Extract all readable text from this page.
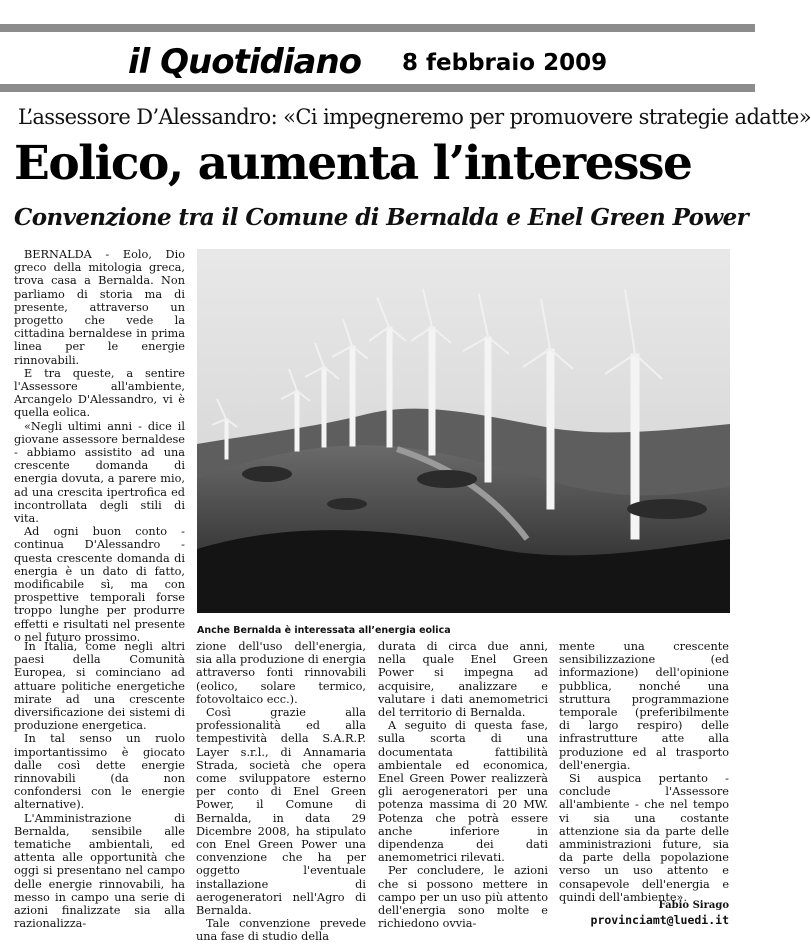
il Quotidiano 8 febbraio 2009
L’assessore D’Alessandro: «Ci impegneremo per promuovere strategie adatte»
Eolico, aumenta l’interesse
Convenzione tra il Comune di Bernalda e Enel Green Power

BERNALDA - Eolo, Dio greco della mitologia greca, trova casa a Bernalda. Non parliamo di storia ma di presente, attraverso un progetto che vede la cittadina bernaldese in prima linea per le energie rinnovabili.

E tra queste, a sentire l'Assessore all'ambiente, Arcangelo D'Alessandro, vi è quella eolica.

«Negli ultimi anni - dice il giovane assessore bernaldese - abbiamo assistito ad una crescente domanda di energia dovuta, a parere mio, ad una crescita ipertrofica ed incontrollata degli stili di vita.

Ad ogni buon conto - continua D'Alessandro - questa crescente domanda di energia è un dato di fatto, modificabile sì, ma con prospettive temporali forse troppo lunghe per produrre effetti e risultati nel presente o nel futuro prossimo.

Anche Bernalda è interessata all’energia eolica

In Italia, come negli altri paesi della Comunità Europea, si cominciano ad attuare politiche energetiche mirate ad una crescente diversificazione dei sistemi di produzione energetica.

In tal senso un ruolo importantissimo è giocato dalle così dette energie rinnovabili (da non confondersi con le energie alternative).

L'Amministrazione di Bernalda, sensibile alle tematiche ambientali, ed attenta alle opportunità che oggi si presentano nel campo delle energie rinnovabili, ha messo in campo una serie di azioni finalizzate sia alla razionalizza-

zione dell'uso dell'energia, sia alla produzione di energia attraverso fonti rinnovabili (eolico, solare termico, fotovoltaico ecc.).

Così grazie alla professionalità ed alla tempestività della S.A.R.P. Layer s.r.l., di Annamaria Strada, società che opera come sviluppatore esterno per conto di Enel Green Power, il Comune di Bernalda, in data 29 Dicembre 2008, ha stipulato con Enel Green Power una convenzione che ha per oggetto l'eventuale installazione di aerogeneratori nell'Agro di Bernalda.

Tale convenzione prevede una fase di studio della

durata di circa due anni, nella quale Enel Green Power si impegna ad acquisire, analizzare e valutare i dati anemometrici del territorio di Bernalda.

A seguito di questa fase, sulla scorta di una documentata fattibilità ambientale ed economica, Enel Green Power realizzerà gli aerogeneratori per una potenza massima di 20 MW. Potenza che potrà essere anche inferiore in dipendenza dei dati anemometrici rilevati.

Per concludere, le azioni che si possono mettere in campo per un uso più attento dell'energia sono molte e richiedono ovvia-

mente una crescente sensibilizzazione (ed informazione) dell'opinione pubblica, nonché una struttura programmazione temporale (preferibilmente di largo respiro) delle infrastrutture atte alla produzione ed al trasporto dell'energia.

Si auspica pertanto - conclude l'Assessore all'ambiente - che nel tempo vi sia una costante attenzione sia da parte delle amministrazioni future, sia da parte della popolazione verso un uso attento e consapevole dell'energia e quindi dell'ambiente».

Fabio Sirago
provinciamt@luedi.it
